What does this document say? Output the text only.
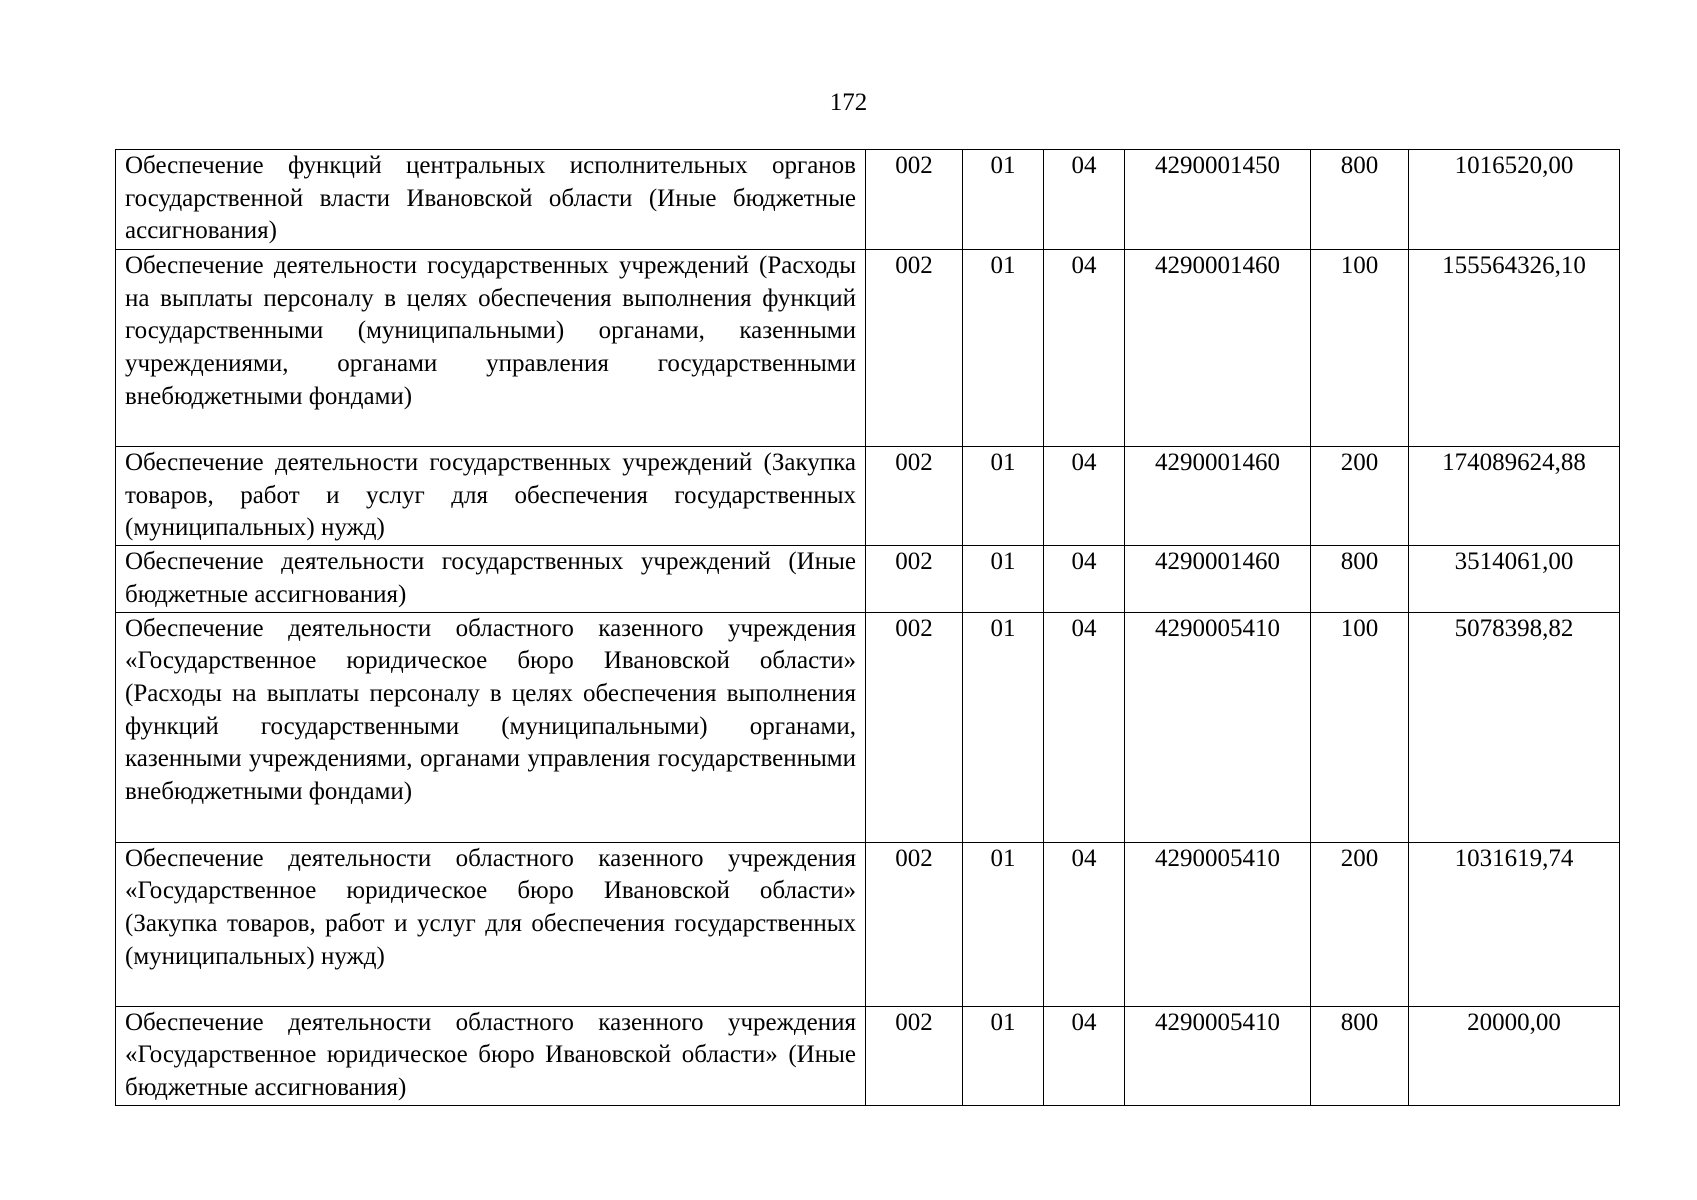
172
Обеспечение функций центральных исполнительных органов государственной власти Ивановской области (Иные бюджетные ассигнования)	002	01	04	4290001450	800	1016520,00
Обеспечение деятельности государственных учреждений (Расходы на выплаты персоналу в целях обеспечения выполнения функций государственными (муниципальными) органами, казенными учреждениями, органами управления государственными внебюджетными фондами)	002	01	04	4290001460	100	155564326,10
Обеспечение деятельности государственных учреждений (Закупка товаров, работ и услуг для обеспечения государственных (муниципальных) нужд)	002	01	04	4290001460	200	174089624,88
Обеспечение деятельности государственных учреждений (Иные бюджетные ассигнования)	002	01	04	4290001460	800	3514061,00
Обеспечение деятельности областного казенного учреждения «Государственное юридическое бюро Ивановской области» (Расходы на выплаты персоналу в целях обеспечения выполнения функций государственными (муниципальными) органами, казенными учреждениями, органами управления государственными внебюджетными фондами)	002	01	04	4290005410	100	5078398,82
Обеспечение деятельности областного казенного учреждения «Государственное юридическое бюро Ивановской области» (Закупка товаров, работ и услуг для обеспечения государственных (муниципальных) нужд)	002	01	04	4290005410	200	1031619,74
Обеспечение деятельности областного казенного учреждения «Государственное юридическое бюро Ивановской области» (Иные бюджетные ассигнования)	002	01	04	4290005410	800	20000,00
